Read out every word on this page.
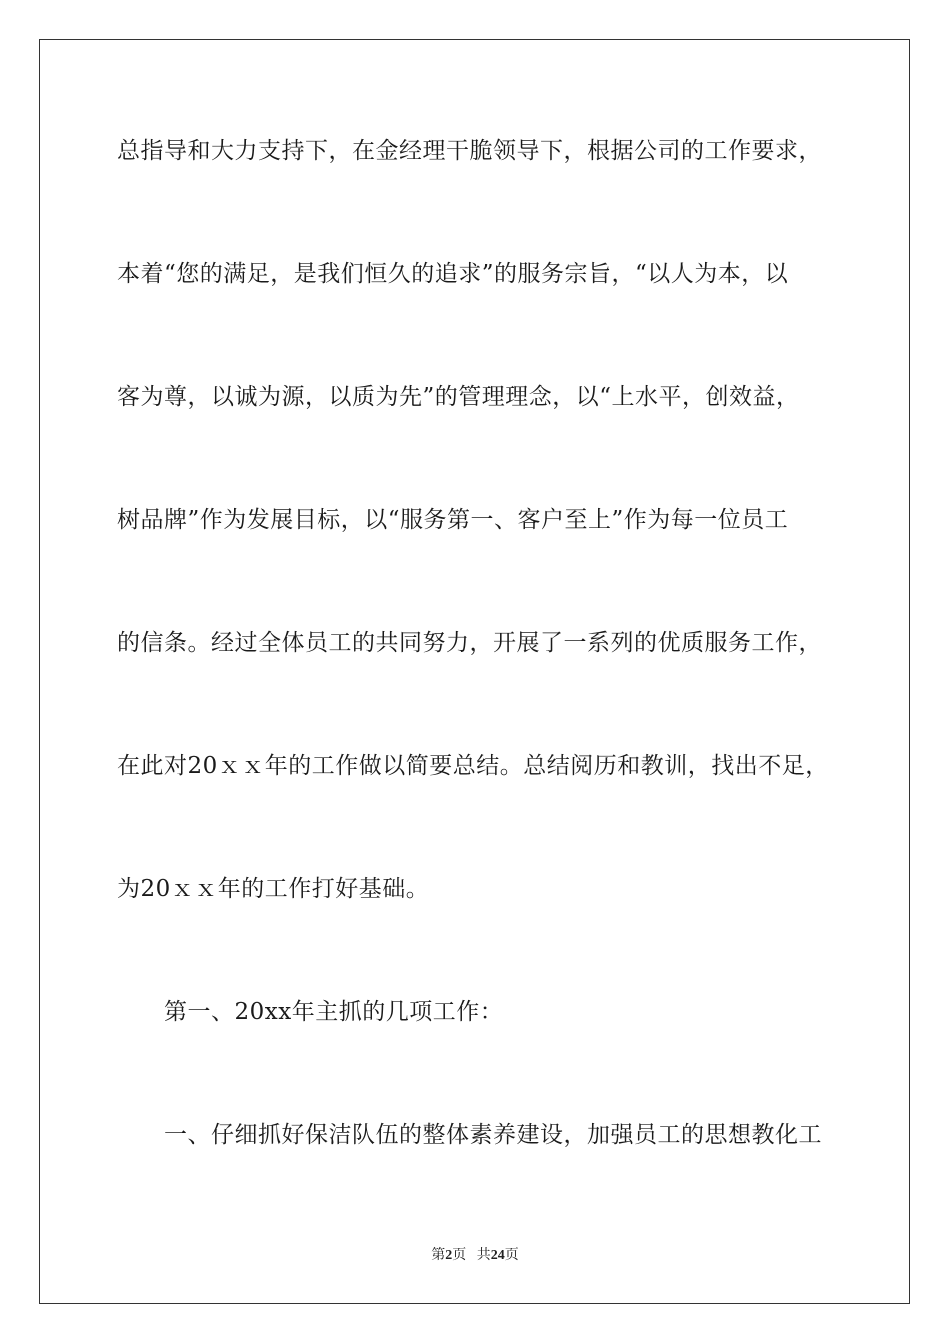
总指导和大力支持下，在金经理干脆领导下，根据公司的工作要求，
本着“您的满足，是我们恒久的追求”的服务宗旨，“以人为本，以
客为尊，以诚为源，以质为先”的管理理念，以“上水平，创效益，
树品牌”作为发展目标，以“服务第一、客户至上”作为每一位员工
的信条。经过全体员工的共同努力，开展了一系列的优质服务工作，
在此对20ｘｘ年的工作做以简要总结。总结阅历和教训，找出不足，
为20ｘｘ年的工作打好基础。
第一、20xx年主抓的几项工作：
一、仔细抓好保洁队伍的整体素养建设，加强员工的思想教化工
第2页 共24页
